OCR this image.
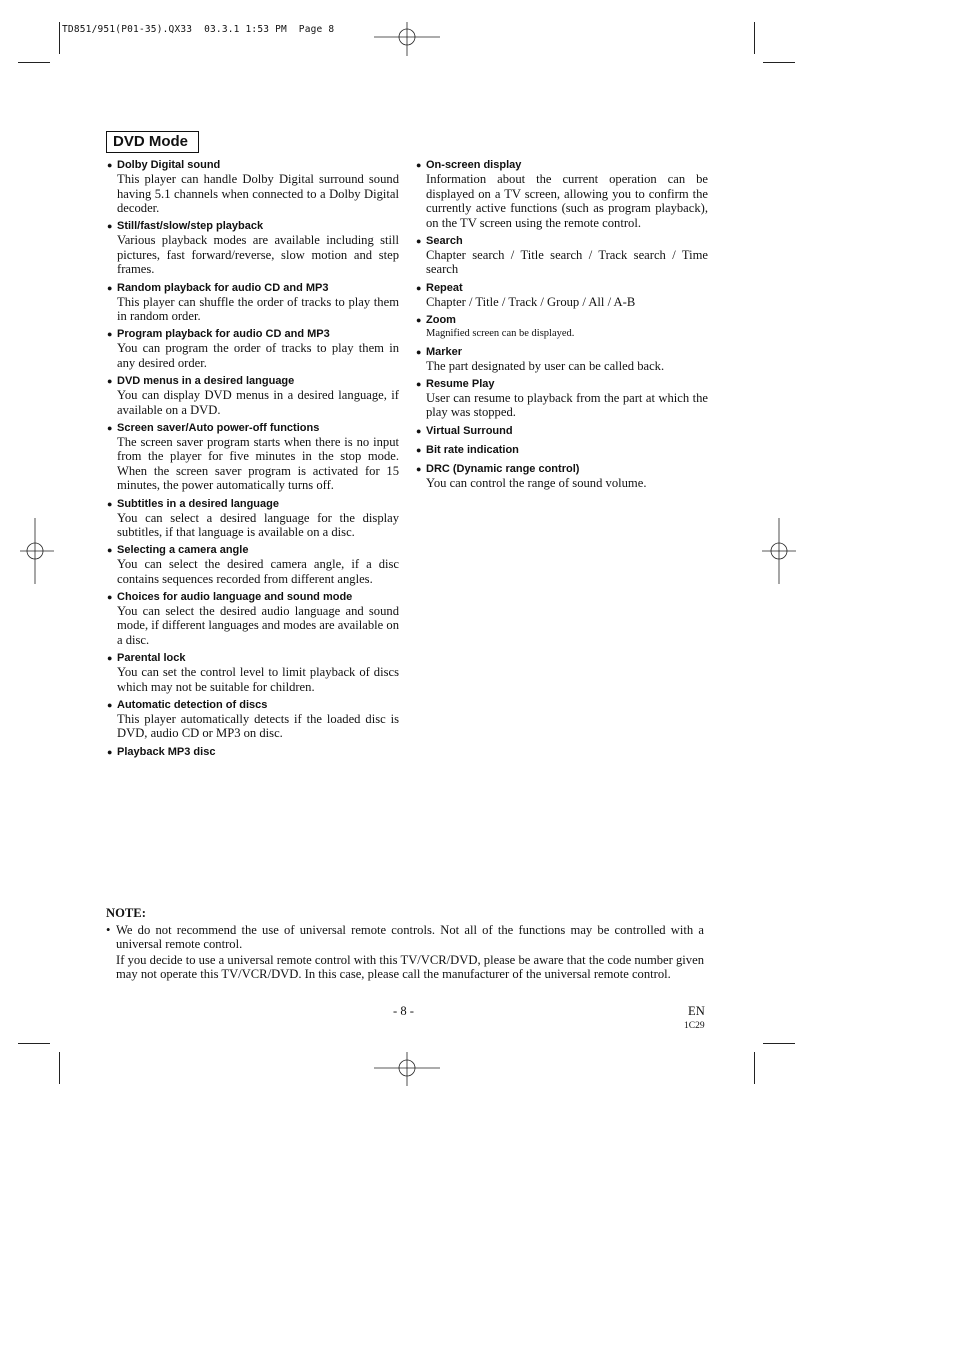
TD851/951(P01-35).QX33  03.3.1 1:53 PM  Page 8
DVD Mode
● Dolby Digital sound
This player can handle Dolby Digital surround sound having 5.1 channels when connected to a Dolby Digital decoder.
● Still/fast/slow/step playback
Various playback modes are available including still pictures, fast forward/reverse, slow motion and step frames.
● Random playback for audio CD and MP3
This player can shuffle the order of tracks to play them in random order.
● Program playback for audio CD and MP3
You can program the order of tracks to play them in any desired order.
● DVD menus in a desired language
You can display DVD menus in a desired language, if available on a DVD.
● Screen saver/Auto power-off functions
The screen saver program starts when there is no input from the player for five minutes in the stop mode. When the screen saver program is activated for 15 minutes, the power automatically turns off.
● Subtitles in a desired language
You can select a desired language for the display subtitles, if that language is available on a disc.
● Selecting a camera angle
You can select the desired camera angle, if a disc contains sequences recorded from different angles.
● Choices for audio language and sound mode
You can select the desired audio language and sound mode, if different languages and modes are available on a disc.
● Parental lock
You can set the control level to limit playback of discs which may not be suitable for children.
● Automatic detection of discs
This player automatically detects if the loaded disc is DVD, audio CD or MP3 on disc.
● Playback MP3 disc
● On-screen display
Information about the current operation can be displayed on a TV screen, allowing you to confirm the currently active functions (such as program playback), on the TV screen using the remote control.
● Search
Chapter search / Title search / Track search / Time search
● Repeat
Chapter / Title / Track / Group / All / A-B
● Zoom
Magnified screen can be displayed.
● Marker
The part designated by user can be called back.
● Resume Play
User can resume to playback from the part at which the play was stopped.
● Virtual Surround
● Bit rate indication
● DRC (Dynamic range control)
You can control the range of sound volume.
NOTE:
• We do not recommend the use of universal remote controls. Not all of the functions may be controlled with a universal remote control.

If you decide to use a universal remote control with this TV/VCR/DVD, please be aware that the code number given may not operate this TV/VCR/DVD. In this case, please call the manufacturer of the universal remote control.

- 8 -	EN
1C29
